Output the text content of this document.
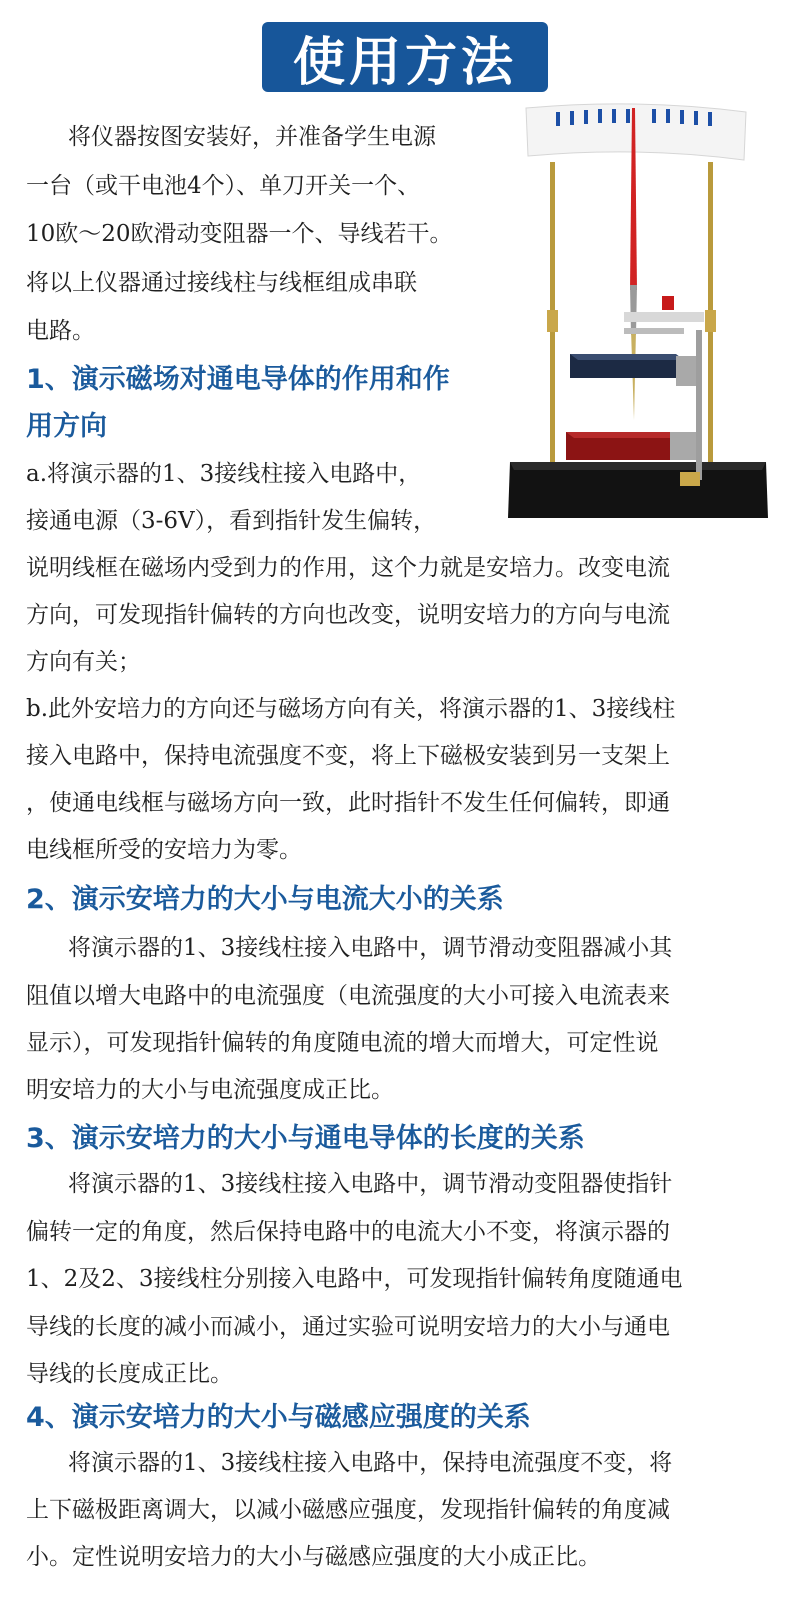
使用方法
将仪器按图安装好，并准备学生电源
一台（或干电池4个）、单刀开关一个、
10欧～20欧滑动变阻器一个、导线若干。
将以上仪器通过接线柱与线框组成串联
电路。
1、演示磁场对通电导体的作用和作
用方向
a.将演示器的1、3接线柱接入电路中，
接通电源（3-6V），看到指针发生偏转，
说明线框在磁场内受到力的作用，这个力就是安培力。改变电流
方向，可发现指针偏转的方向也改变，说明安培力的方向与电流
方向有关；
b.此外安培力的方向还与磁场方向有关，将演示器的1、3接线柱
接入电路中，保持电流强度不变，将上下磁极安装到另一支架上
，使通电线框与磁场方向一致，此时指针不发生任何偏转，即通
电线框所受的安培力为零。
2、演示安培力的大小与电流大小的关系
将演示器的1、3接线柱接入电路中，调节滑动变阻器减小其
阻值以增大电路中的电流强度（电流强度的大小可接入电流表来
显示），可发现指针偏转的角度随电流的增大而增大，可定性说
明安培力的大小与电流强度成正比。
3、演示安培力的大小与通电导体的长度的关系
将演示器的1、3接线柱接入电路中，调节滑动变阻器使指针
偏转一定的角度，然后保持电路中的电流大小不变，将演示器的
1、2及2、3接线柱分别接入电路中，可发现指针偏转角度随通电
导线的长度的减小而减小，通过实验可说明安培力的大小与通电
导线的长度成正比。
4、演示安培力的大小与磁感应强度的关系
将演示器的1、3接线柱接入电路中，保持电流强度不变，将
上下磁极距离调大，以减小磁感应强度，发现指针偏转的角度减
小。定性说明安培力的大小与磁感应强度的大小成正比。
